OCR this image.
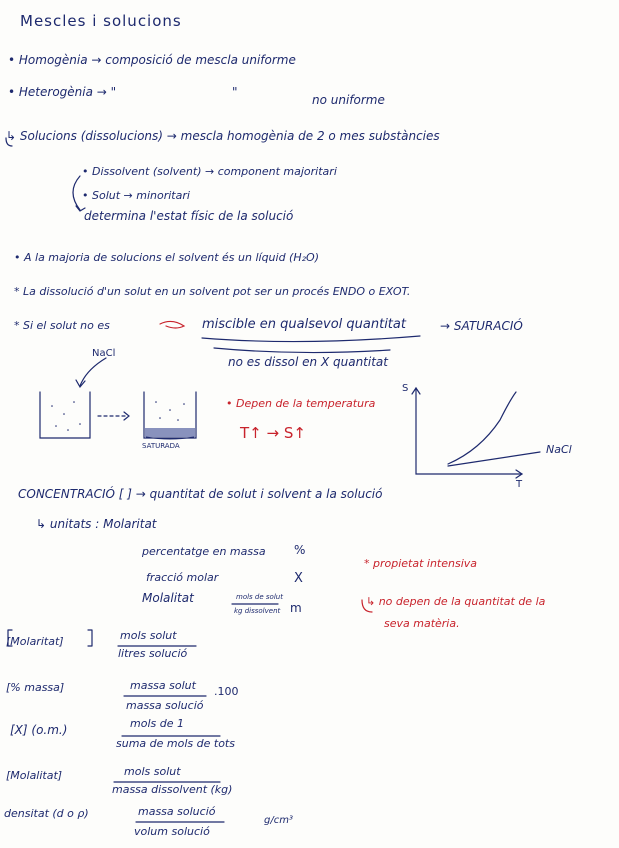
Mescles i solucions
• Homogènia → composició de mescla uniforme
• Heterogènia → "	"
no uniforme
↳ Solucions (dissolucions) → mescla homogènia de 2 o mes substàncies
• Dissolvent (solvent) → component majoritari
• Solut → minoritari
determina l'estat físic de la solució
• A la majoria de solucions el solvent és un líquid (H₂O)
* La dissolució d'un solut en un solvent pot ser un procés ENDO o EXOT.
* Si el solut no es	miscible en qualsevol quantitat	→ SATURACIÓ
no es dissol en X quantitat
NaCl
SATURADA
• Depen de la temperatura
T↑ → S↑
S
T
NaCl
CONCENTRACIÓ [ ] → quantitat de solut i solvent a la solució
↳ unitats : Molaritat
percentatge en massa %
fracció molar	X
Molalitat	mols de solut
kg dissolvent m
* propietat intensiva
↳ no depen de la quantitat de la
seva matèria.
[Molaritat]	mols solut
litres solució
[% massa]	massa solut
massa solució
.100
[X] (o.m.)	mols de 1
suma de mols de tots
[Molalitat]	mols solut
massa dissolvent (kg)
densitat (d o ρ)	massa solució
volum solució
g/cm³
